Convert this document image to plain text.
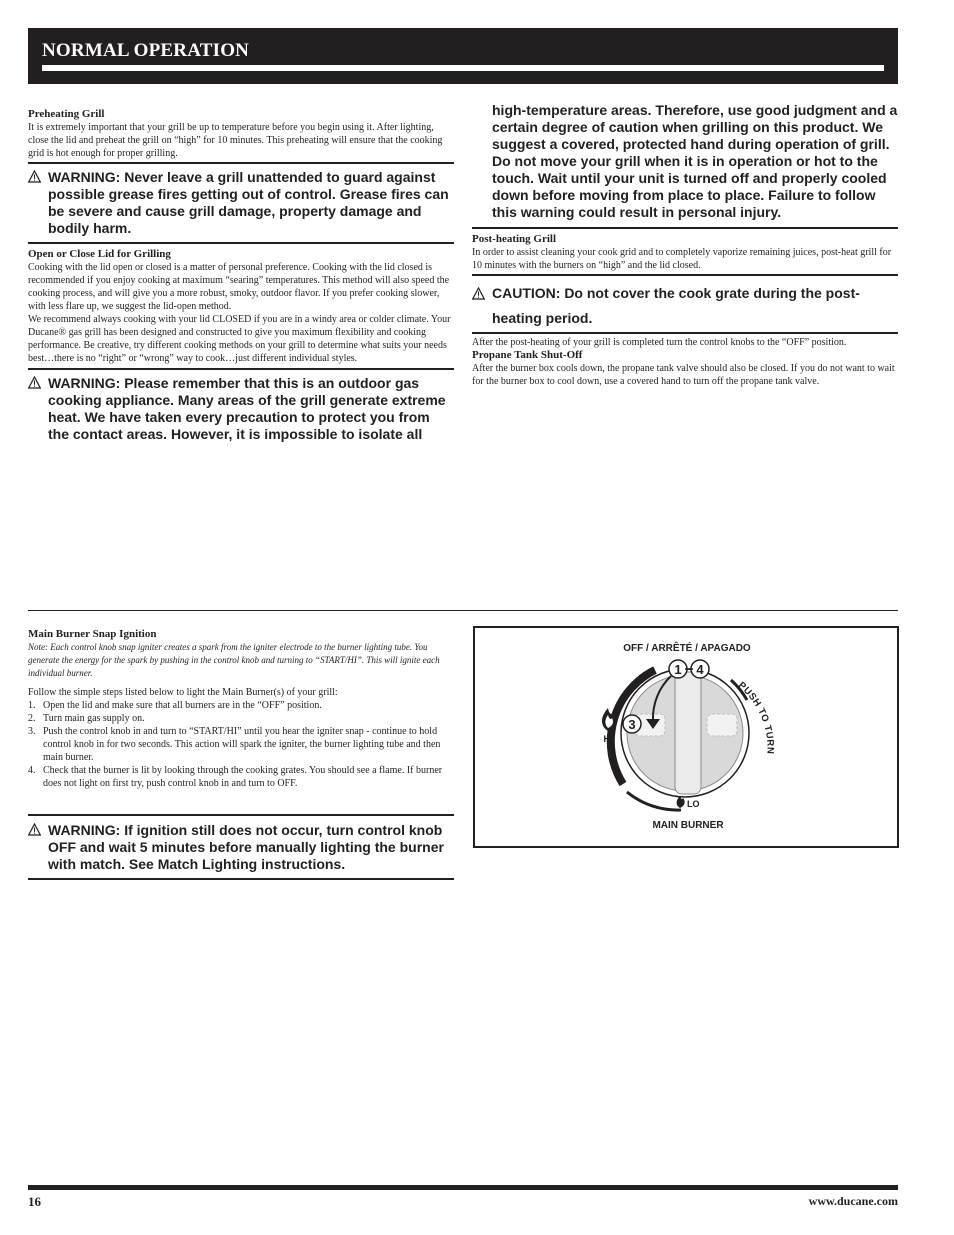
NORMAL OPERATION

Preheating Grill

It is extremely important that your grill be up to temperature before you begin using it. After lighting, close the lid and preheat the grill on “high” for 10 minutes. This preheating will ensure that the cooking grid is hot enough for proper grilling.

WARNING: Never leave a grill unattended to guard against possible grease fires getting out of control. Grease fires can be severe and cause grill damage, property damage and bodily harm.

Open or Close Lid for Grilling

Cooking with the lid open or closed is a matter of personal preference. Cooking with the lid closed is recommended if you enjoy cooking at maximum “searing” temperatures. This method will also speed the cooking process, and will give you a more robust, smoky, outdoor flavor. If you prefer cooking slower, with less flare up, we suggest the lid-open method.

We recommend always cooking with your lid CLOSED if you are in a windy area or colder climate. Your Ducane® gas grill has been designed and constructed to give you maximum flexibility and cooking performance. Be creative, try different cooking methods on your grill to determine what suits your needs best…there is no “right” or “wrong” way to cook…just different individual styles.

WARNING: Please remember that this is an outdoor gas cooking appliance. Many areas of the grill generate extreme heat. We have taken every precaution to protect you from the contact areas. However, it is impossible to isolate all
high-temperature areas. Therefore, use good judgment and a certain degree of caution when grilling on this product. We suggest a covered, protected hand during operation of grill. Do not move your grill when it is in operation or hot to the touch. Wait until your unit is turned off and properly cooled down before moving from place to place. Failure to follow this warning could result in personal injury.

Post-heating Grill

In order to assist cleaning your cook grid and to completely vaporize remaining juices, post-heat grill for 10 minutes with the burners on “high” and the lid closed.

CAUTION: Do not cover the cook grate during the post-heating period.

After the post-heating of your grill is completed turn the control knobs to the “OFF” position.

Propane Tank Shut-Off

After the burner box cools down, the propane tank valve should also be closed. If you do not want to wait for the burner box to cool down, use a covered hand to turn off the propane tank valve.

Main Burner Snap Ignition

Note: Each control knob snap igniter creates a spark from the igniter electrode to the burner lighting tube. You generate the energy for the spark by pushing in the control knob and turning to “START/HI”. This will ignite each individual burner.

Follow the simple steps listed below to light the Main Burner(s) of your grill:

1. Open the lid and make sure that all burners are in the “OFF” position.
2. Turn main gas supply on.
3. Push the control knob in and turn to “START/HI” until you hear the igniter snap - continue to hold control knob in for two seconds. This action will spark the igniter, the burner lighting tube and then main burner.
4. Check that the burner is lit by looking through the cooking grates. You should see a flame. If burner does not light on first try, push control knob in and turn to OFF.
WARNING: If ignition still does not occur, turn control knob OFF and wait 5 minutes before manually lighting the burner with match. See Match Lighting instructions.
OFF / ARRÊTÉ / APAGADO
1 4
3
HI
LO
PUSH TO TURN
MAIN BURNER
16	www.ducane.com
